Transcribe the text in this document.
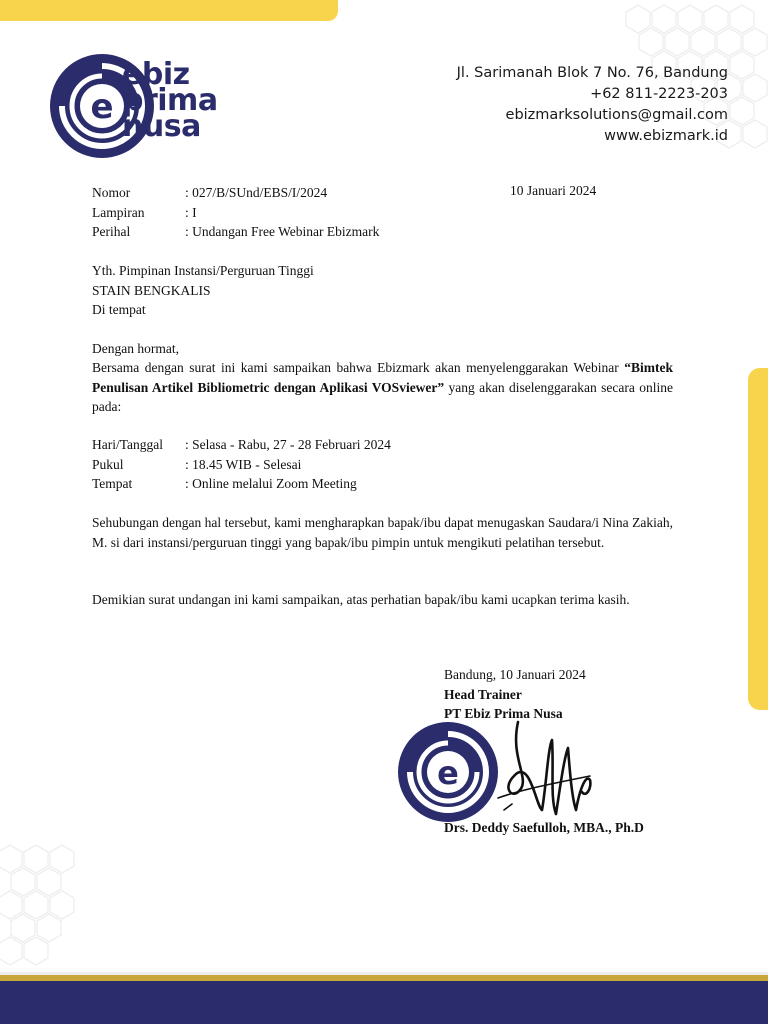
e
ebiz
prima
nusa
Jl. Sarimanah Blok 7 No. 76, Bandung
+62 811-2223-203
ebizmarksolutions@gmail.com
www.ebizmark.id
Nomor	: 027/B/SUnd/EBS/I/2024
Lampiran	: I
Perihal	: Undangan Free Webinar Ebizmark
10 Januari 2024
Yth. Pimpinan Instansi/Perguruan Tinggi
STAIN BENGKALIS
Di tempat
Dengan hormat,
Bersama dengan surat ini kami sampaikan bahwa Ebizmark akan menyelenggarakan Webinar “Bimtek Penulisan Artikel Bibliometric dengan Aplikasi VOSviewer” yang akan diselenggarakan secara online pada:
Hari/Tanggal	: Selasa - Rabu, 27 - 28 Februari 2024
Pukul	: 18.45 WIB - Selesai
Tempat	: Online melalui Zoom Meeting
Sehubungan dengan hal tersebut, kami mengharapkan bapak/ibu dapat menugaskan Saudara/i Nina Zakiah, M. si dari instansi/perguruan tinggi yang bapak/ibu pimpin untuk mengikuti pelatihan tersebut.
Demikian surat undangan ini kami sampaikan, atas perhatian bapak/ibu kami ucapkan terima kasih.
Bandung, 10 Januari 2024
Head Trainer
PT Ebiz Prima Nusa
e
Drs. Deddy Saefulloh, MBA., Ph.D
